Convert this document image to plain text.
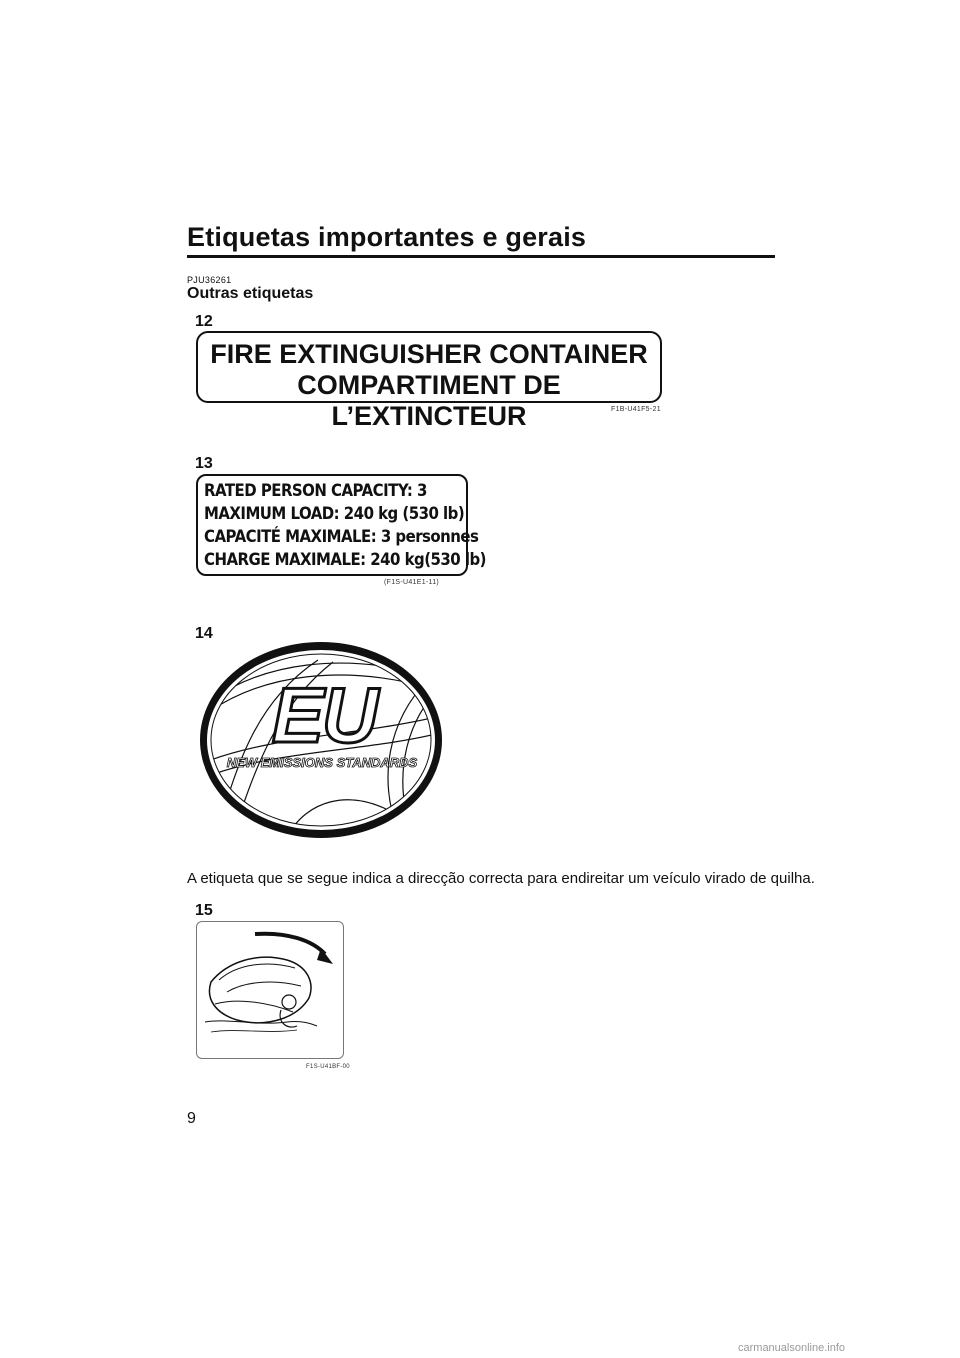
Etiquetas importantes e gerais
PJU36261
Outras etiquetas
12
FIRE EXTINGUISHER CONTAINER
COMPARTIMENT DE L’EXTINCTEUR	F1B-U41F5-21
13
RATED PERSON CAPACITY: 3
MAXIMUM LOAD: 240 kg (530 lb)
CAPACITÉ MAXIMALE: 3 personnes
CHARGE MAXIMALE: 240 kg(530 lb)
(F1S-U41E1-11)
14
EU
NEW EMISSIONS STANDARDS
A etiqueta que se segue indica a direcção correcta para endireitar um veículo virado de quilha.
15
F1S-U41BF-00
9
carmanualsonline.info
